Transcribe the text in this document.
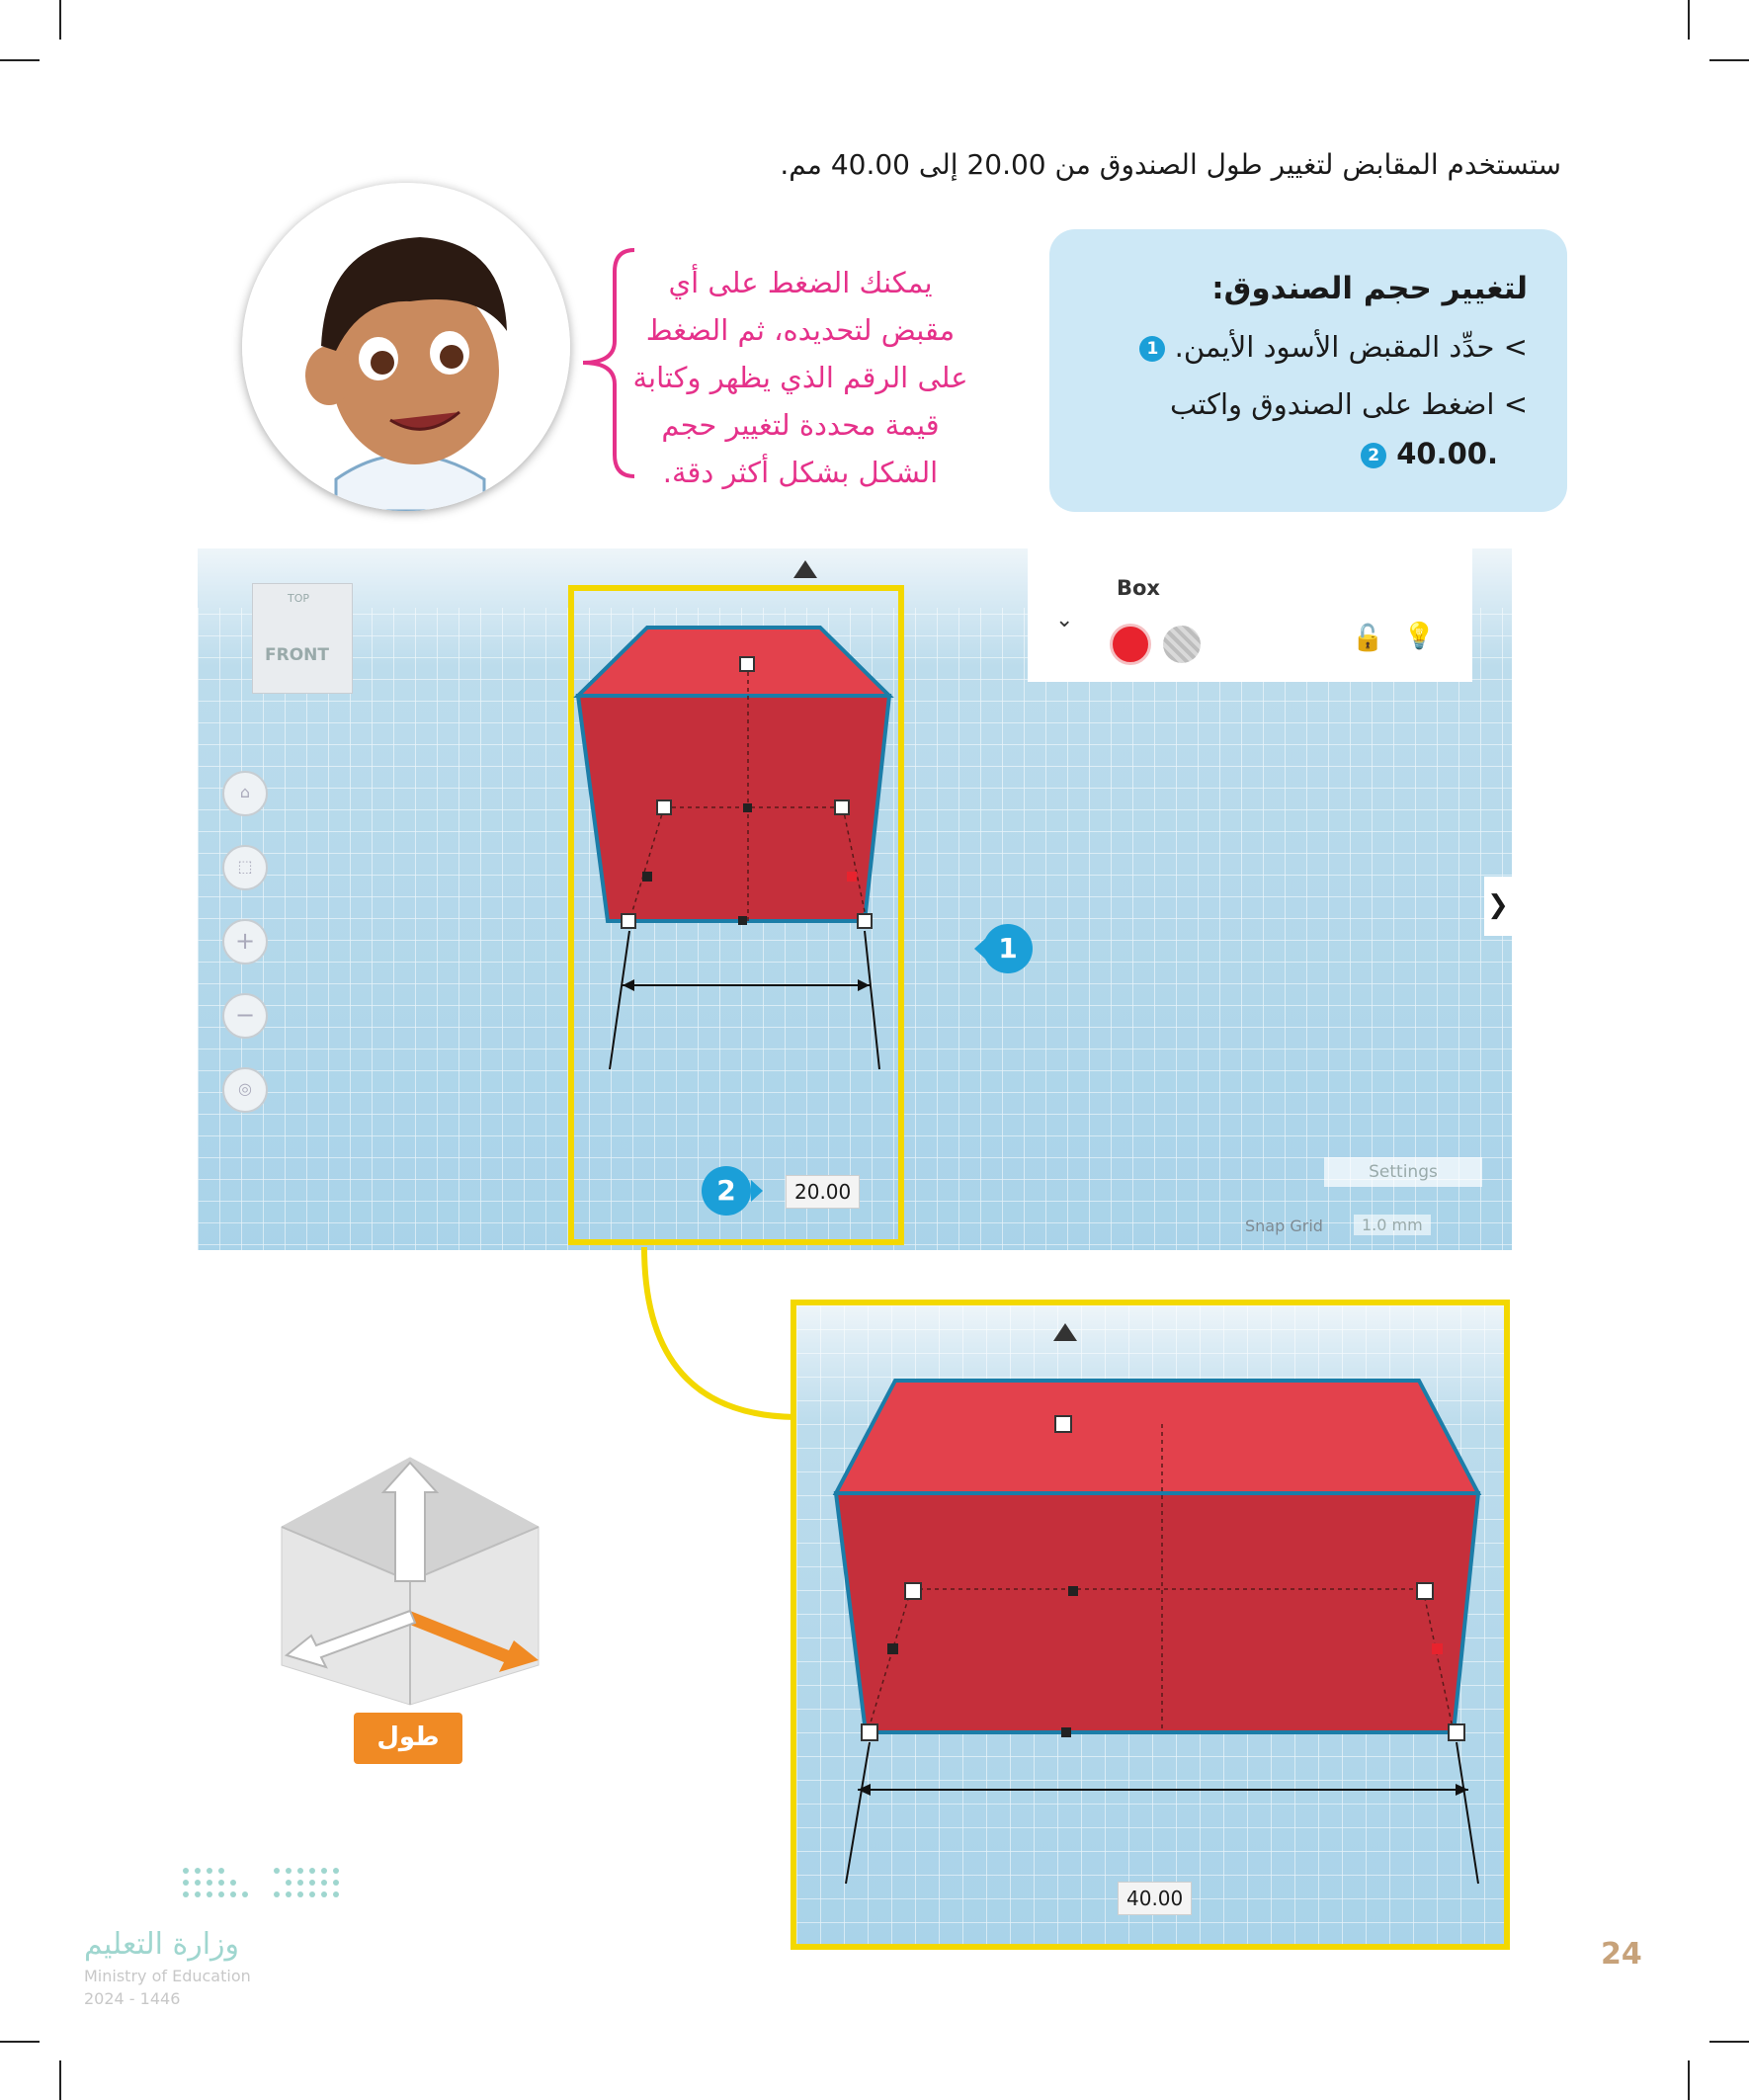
ستستخدم المقابض لتغيير طول الصندوق من 20.00 إلى 40.00 مم.
لتغيير حجم الصندوق:
> حدِّد المقبض الأسود الأيمن. 1
> اضغط على الصندوق واكتب
.40.00 2
يمكنك الضغط على أي
مقبض لتحديده، ثم الضغط
على الرقم الذي يظهر وكتابة
قيمة محددة لتغيير حجم
الشكل بشكل أكثر دقة.
TOP
FRONT
⌂
⬚
+
−
◎
Box
⌄
🔓 💡
❯
1
2	20.00
Settings
Snap Grid	1.0 mm
40.00
طول
وزارة التعليم
Ministry of Education
2024 - 1446
24
